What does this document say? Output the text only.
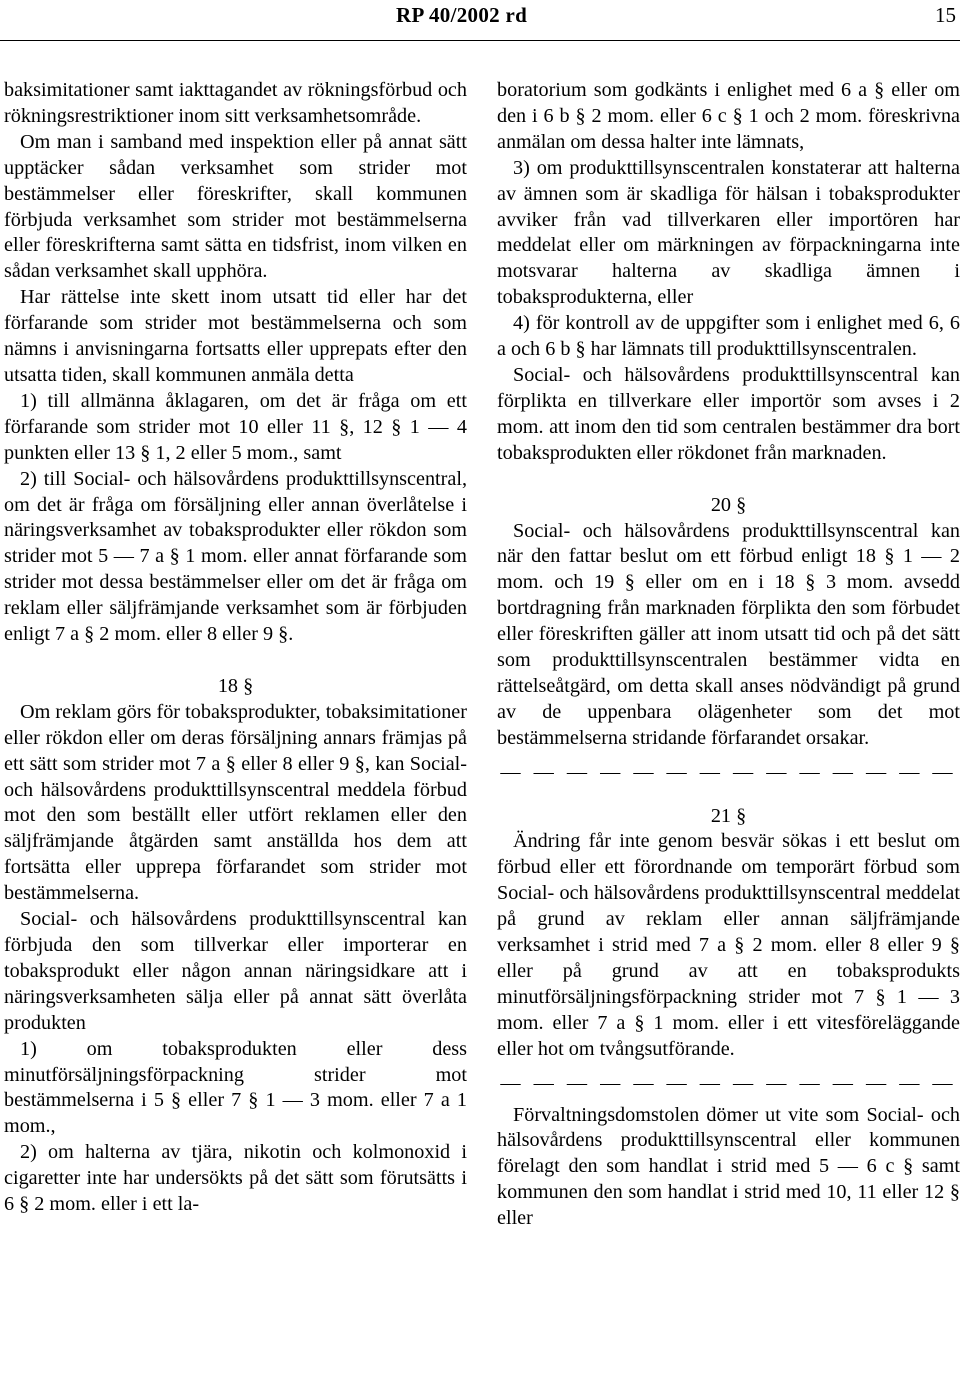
RP 40/2002 rd	15

baksimitationer samt iakttagandet av rökningsförbud och rökningsrestriktioner inom sitt verksamhetsområde.

Om man i samband med inspektion eller på annat sätt upptäcker sådan verksamhet som strider mot bestämmelser eller föreskrifter, skall kommunen förbjuda verksamhet som strider mot bestämmelserna eller föreskrifterna samt sätta en tidsfrist, inom vilken en sådan verksamhet skall upphöra.

Har rättelse inte skett inom utsatt tid eller har det förfarande som strider mot bestämmelserna och som nämns i anvisningarna fortsatts eller upprepats efter den utsatta tiden, skall kommunen anmäla detta

1) till allmänna åklagaren, om det är fråga om ett förfarande som strider mot 10 eller 11 §, 12 § 1 — 4 punkten eller 13 § 1, 2 eller 5 mom., samt

2) till Social- och hälsovårdens produkttillsynscentral, om det är fråga om försäljning eller annan överlåtelse i näringsverksamhet av tobaksprodukter eller rökdon som strider mot 5 — 7 a § 1 mom. eller annat förfarande som strider mot dessa bestämmelser eller om det är fråga om reklam eller säljfrämjande verksamhet som är förbjuden enligt 7 a § 2 mom. eller 8 eller 9 §.

18 §

Om reklam görs för tobaksprodukter, tobaksimitationer eller rökdon eller om deras försäljning annars främjas på ett sätt som strider mot 7 a § eller 8 eller 9 §, kan Social- och hälsovårdens produkttillsynscentral meddela förbud mot den som beställt eller utfört reklamen eller den säljfrämjande åtgärden samt anställda hos dem att fortsätta eller upprepa förfarandet som strider mot bestämmelserna.

Social- och hälsovårdens produkttillsynscentral kan förbjuda den som tillverkar eller importerar en tobaksprodukt eller någon annan näringsidkare att i näringsverksamheten sälja eller på annat sätt överlåta produkten

1) om tobaksprodukten eller dess minutförsäljningsförpackning strider mot bestämmelserna i 5 § eller 7 § 1 — 3 mom. eller 7 a 1 mom.,

2) om halterna av tjära, nikotin och kolmonoxid i cigaretter inte har undersökts på det sätt som förutsätts i 6 § 2 mom. eller i ett la-

boratorium som godkänts i enlighet med 6 a § eller om den i 6 b § 2 mom. eller 6 c § 1 och 2 mom. föreskrivna anmälan om dessa halter inte lämnats,

3) om produkttillsynscentralen konstaterar att halterna av ämnen som är skadliga för hälsan i tobaksprodukter avviker från vad tillverkaren eller importören har meddelat eller om märkningen av förpackningarna inte motsvarar halterna av skadliga ämnen i tobaksprodukterna, eller

4) för kontroll av de uppgifter som i enlighet med 6, 6 a och 6 b § har lämnats till produkttillsynscentralen.

Social- och hälsovårdens produkttillsynscentral kan förplikta en tillverkare eller importör som avses i 2 mom. att inom den tid som centralen bestämmer dra bort tobaksprodukten eller rökdonet från marknaden.

20 §

Social- och hälsovårdens produkttillsynscentral kan när den fattar beslut om ett förbud enligt 18 § 1 — 2 mom. och 19 § eller om en i 18 § 3 mom. avsedd bortdragning från marknaden förplikta den som förbudet eller föreskriften gäller att inom utsatt tid och på det sätt som produkttillsynscentralen bestämmer vidta en rättelseåtgärd, om detta skall anses nödvändigt på grund av de uppenbara olägenheter som det mot bestämmelserna stridande förfarandet orsakar.

— — — — — — — — — — — — — —

21 §

Ändring får inte genom besvär sökas i ett beslut om förbud eller ett förordnande om temporärt förbud som Social- och hälsovårdens produkttillsynscentral meddelat på grund av reklam eller annan säljfrämjande verksamhet i strid med 7 a § 2 mom. eller 8 eller 9 § eller på grund av att en tobaksprodukts minutförsäljningsförpackning strider mot 7 § 1 — 3 mom. eller 7 a § 1 mom. eller i ett vitesföreläggande eller hot om tvångsutförande.

— — — — — — — — — — — — — —

Förvaltningsdomstolen dömer ut vite som Social- och hälsovårdens produkttillsynscentral eller kommunen förelagt den som handlat i strid med 5 — 6 c § samt kommunen den som handlat i strid med 10, 11 eller 12 § eller
